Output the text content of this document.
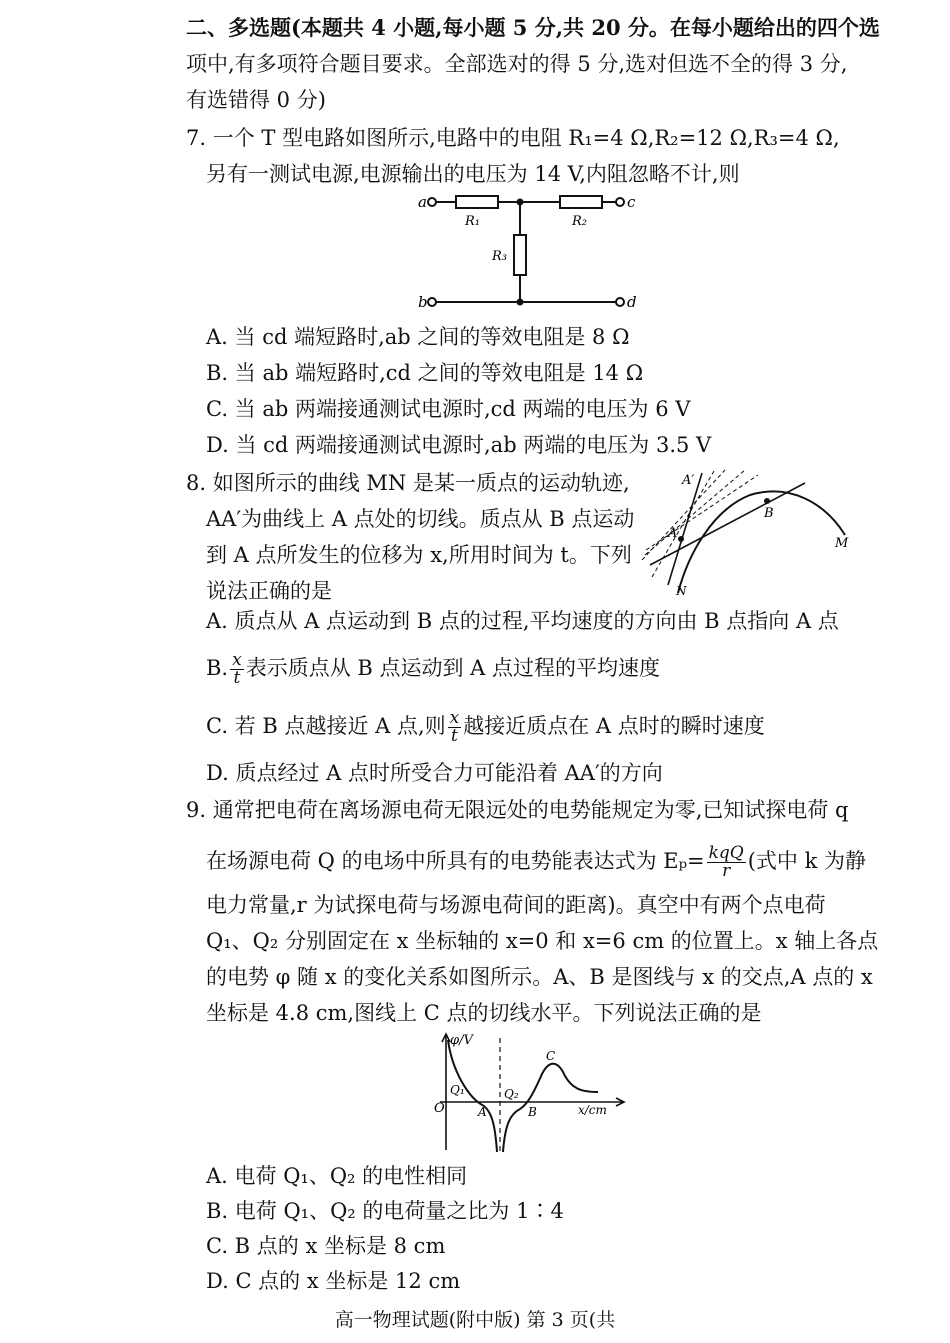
二、多选题(本题共 4 小题,每小题 5 分,共 20 分。在每小题给出的四个选
项中,有多项符合题目要求。全部选对的得 5 分,选对但选不全的得 3 分,
有选错得 0 分)
7. 一个 T 型电路如图所示,电路中的电阻 R₁=4 Ω,R₂=12 Ω,R₃=4 Ω,
另有一测试电源,电源输出的电压为 14 V,内阻忽略不计,则
a
b
c
d
R₁	R₂
R₃
A. 当 cd 端短路时,ab 之间的等效电阻是 8 Ω
B. 当 ab 端短路时,cd 之间的等效电阻是 14 Ω
C. 当 ab 两端接通测试电源时,cd 两端的电压为 6 V
D. 当 cd 两端接通测试电源时,ab 两端的电压为 3.5 V
8. 如图所示的曲线 MN 是某一质点的运动轨迹,
AA′为曲线上 A 点处的切线。质点从 B 点运动
到 A 点所发生的位移为 x,所用时间为 t。下列
说法正确的是
A′
A
B
M
N
A. 质点从 A 点运动到 B 点的过程,平均速度的方向由 B 点指向 A 点
B. $\frac{x}{t}$ 表示质点从 B 点运动到 A 点过程的平均速度
C. 若 B 点越接近 A 点,则 $\frac{x}{t}$ 越接近质点在 A 点时的瞬时速度
D. 质点经过 A 点时所受合力可能沿着 AA′的方向
9. 通常把电荷在离场源电荷无限远处的电势能规定为零,已知试探电荷 q
在场源电荷 Q 的电场中所具有的电势能表达式为 $E_p= \frac{\text{kqQ}}{r}$ (式中 k 为静
电力常量,r 为试探电荷与场源电荷间的距离)。真空中有两个点电荷
Q₁、Q₂ 分别固定在 x 坐标轴的 x=0 和 x=6 cm 的位置上。x 轴上各点
的电势 φ 随 x 的变化关系如图所示。A、B 是图线与 x 的交点,A 点的 x
坐标是 4.8 cm,图线上 C 点的切线水平。下列说法正确的是
φ/V
x/cm
O
Q₁	Q₂
A	B
C
A. 电荷 Q₁、Q₂ 的电性相同
B. 电荷 Q₁、Q₂ 的电荷量之比为 1∶4
C. B 点的 x 坐标是 8 cm
D. C 点的 x 坐标是 12 cm
高一物理试题(附中版) 第 3 页(共
